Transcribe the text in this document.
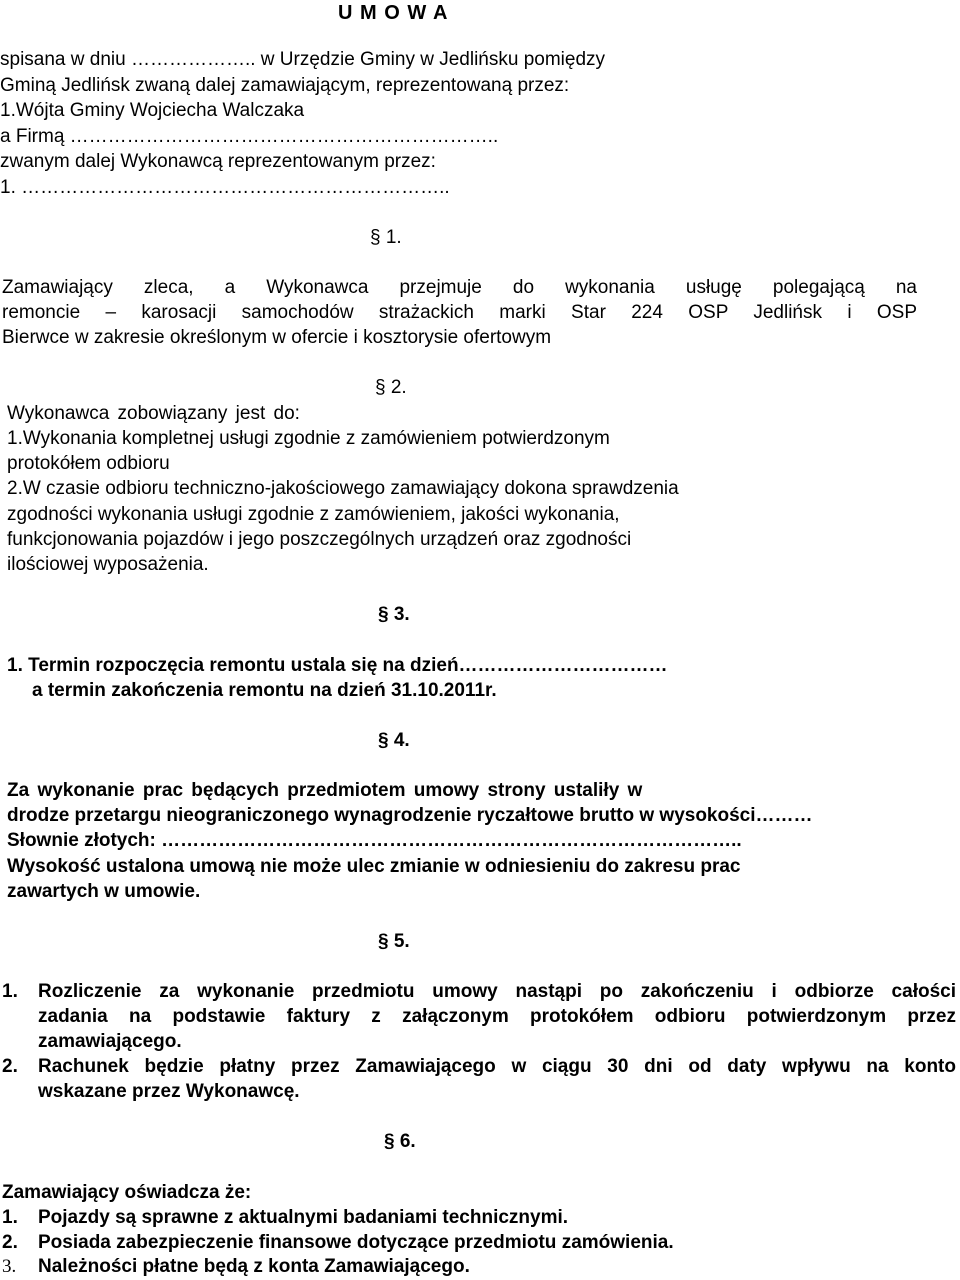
U M O W A
spisana w dniu ……………….. w Urzędzie Gminy w Jedlińsku pomiędzy
Gminą Jedlińsk zwaną dalej zamawiającym, reprezentowaną przez:
1.Wójta Gminy Wojciecha Walczaka
a Firmą …………………………………………………………..
zwanym dalej Wykonawcą reprezentowanym przez:
1. …………………………………………………………..
§ 1.
Zamawiający zleca, a Wykonawca przejmuje do wykonania usługę polegającą na
remoncie – karosacji samochodów strażackich marki Star 224 OSP Jedlińsk i OSP
Bierwce w zakresie określonym w ofercie i kosztorysie ofertowym
§ 2.
Wykonawca zobowiązany jest do:
1.Wykonania kompletnej usługi zgodnie z zamówieniem potwierdzonym
protokółem odbioru
2.W czasie odbioru techniczno-jakościowego zamawiający dokona sprawdzenia
zgodności wykonania usługi zgodnie z zamówieniem, jakości wykonania,
funkcjonowania pojazdów i jego poszczególnych urządzeń oraz zgodności
ilościowej wyposażenia.
§ 3.
1. Termin rozpoczęcia remontu ustala się na dzień……………………………
a termin zakończenia remontu na dzień 31.10.2011r.
§ 4.
Za wykonanie prac będących przedmiotem umowy strony ustaliły w
drodze przetargu nieograniczonego wynagrodzenie ryczałtowe brutto w wysokości………
Słownie złotych: ………………………………………………………………………………..
Wysokość ustalona umową nie może ulec zmianie w odniesieniu do zakresu prac
zawartych w umowie.
§ 5.
1. Rozliczenie za wykonanie przedmiotu umowy nastąpi po zakończeniu i odbiorze całości
zadania na podstawie faktury z załączonym protokółem odbioru potwierdzonym przez
zamawiającego.
2. Rachunek będzie płatny przez Zamawiającego w ciągu 30 dni od daty wpływu na konto
wskazane przez Wykonawcę.
§ 6.
Zamawiający oświadcza że:
1. Pojazdy są sprawne z aktualnymi badaniami technicznymi.
2. Posiada zabezpieczenie finansowe dotyczące przedmiotu zamówienia.
3. Należności płatne będą z konta Zamawiającego.
